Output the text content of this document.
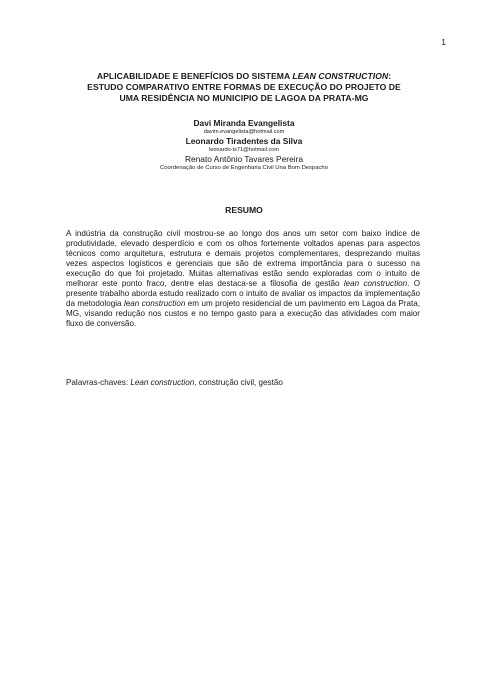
1
APLICABILIDADE E BENEFÍCIOS DO SISTEMA LEAN CONSTRUCTION:
ESTUDO COMPARATIVO ENTRE FORMAS DE EXECUÇÃO DO PROJETO DE
UMA RESIDÊNCIA NO MUNICIPIO DE LAGOA DA PRATA-MG
Davi Miranda Evangelista
davim.evangelista@hotmail.com
Leonardo Tiradentes da Silva
leonardo-ts71@hotmail.com
Renato Antônio Tavares Pereira
Coordenação de Curso de Engenharia Civil Una Bom Despacho
RESUMO

A indústria da construção civil mostrou-se ao longo dos anos um setor com baixo índice de produtividade, elevado desperdício e com os olhos fortemente voltados apenas para aspectos técnicos como arquitetura, estrutura e demais projetos complementares, desprezando muitas vezes aspectos logísticos e gerenciais que são de extrema importância para o sucesso na execução do que foi projetado. Muitas alternativas estão sendo exploradas com o intuito de melhorar este ponto fraco, dentre elas destaca-se a filosofia de gestão lean construction. O presente trabalho aborda estudo realizado com o intuito de avaliar os impactos da implementação da metodologia lean construction em um projeto residencial de um pavimento em Lagoa da Prata, MG, visando redução nos custos e no tempo gasto para a execução das atividades com maior fluxo de conversão.

Palavras-chaves: Lean construction, construção civil, gestão
